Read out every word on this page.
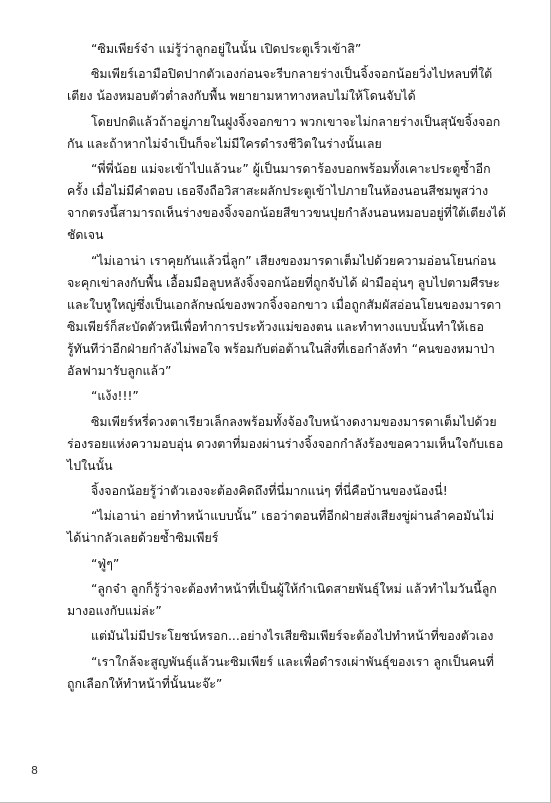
“ซิมเพียร์จ๋า แม่รู้ว่าลูกอยู่ในนั้น เปิดประตูเร็วเข้าสิ”

ซิมเพียร์เอามือปิดปากตัวเองก่อนจะรีบกลายร่างเป็นจิ้งจอกน้อยวิ่งไปหลบที่ใต้เตียง น้องหมอบตัวต่ำลงกับพื้น พยายามหาทางหลบไม่ให้โดนจับได้

โดยปกติแล้วถ้าอยู่ภายในฝูงจิ้งจอกขาว พวกเขาจะไม่กลายร่างเป็นสุนัขจิ้งจอกกัน และถ้าหากไม่จำเป็นก็จะไม่มีใครดำรงชีวิตในร่างนั้นเลย

“พี่พี่น้อย แม่จะเข้าไปแล้วนะ” ผู้เป็นมารดาร้องบอกพร้อมทั้งเคาะประตูซ้ำอีกครั้ง เมื่อไม่มีคำตอบ เธอจึงถือวิสาสะผลักประตูเข้าไปภายในห้องนอนสีชมพูสว่าง จากตรงนี้สามารถเห็นร่างของจิ้งจอกน้อยสีขาวขนปุยกำลังนอนหมอบอยู่ที่ใต้เตียงได้ชัดเจน

“ไม่เอาน่า เราคุยกันแล้วนี่ลูก” เสียงของมารดาเต็มไปด้วยความอ่อนโยนก่อนจะคุกเข่าลงกับพื้น เอื้อมมือลูบหลังจิ้งจอกน้อยที่ถูกจับได้ ฝ่ามืออุ่นๆ ลูบไปตามศีรษะและใบหูใหญ่ซึ่งเป็นเอกลักษณ์ของพวกจิ้งจอกขาว เมื่อถูกสัมผัสอ่อนโยนของมารดา ซิมเพียร์ก็สะบัดตัวหนีเพื่อทำการประท้วงแม่ของตน และทำทางแบบนั้นทำให้เธอรู้ทันทีว่าอีกฝ่ายกำลังไม่พอใจ พร้อมกับต่อต้านในสิ่งที่เธอกำลังทำ “คนของหมาป่าอัลฟามารับลูกแล้ว”

“แง้ง!!!”

ซิมเพียร์หรี่ดวงตาเรียวเล็กลงพร้อมทั้งจ้องใบหน้างดงามของมารดาเต็มไปด้วยร่องรอยแห่งความอบอุ่น ดวงตาที่มองผ่านร่างจิ้งจอกกำลังร้องขอความเห็นใจกับเธอไปในนั้น

จิ้งจอกน้อยรู้ว่าตัวเองจะต้องคิดถึงที่นี่มากแน่ๆ ที่นี่คือบ้านของน้องนี่!

“ไม่เอาน่า อย่าทำหน้าแบบนั้น” เธอว่าตอนที่อีกฝ่ายส่งเสียงขู่ผ่านลำคอมันไม่ได้น่ากลัวเลยด้วยซ้ำซิมเพียร์

“ฟู่ๆ”

“ลูกจ๋า ลูกก็รู้ว่าจะต้องทำหน้าที่เป็นผู้ให้กำเนิดสายพันธุ์ใหม่ แล้วทำไมวันนี้ลูกมางอแงกับแม่ล่ะ”

แต่มันไม่มีประโยชน์หรอก...อย่างไรเสียซิมเพียร์จะต้องไปทำหน้าที่ของตัวเอง

“เราใกล้จะสูญพันธุ์แล้วนะซิมเพียร์ และเพื่อดำรงเผ่าพันธุ์ของเรา ลูกเป็นคนที่ถูกเลือกให้ทำหน้าที่นั้นนะจ๊ะ”

8
